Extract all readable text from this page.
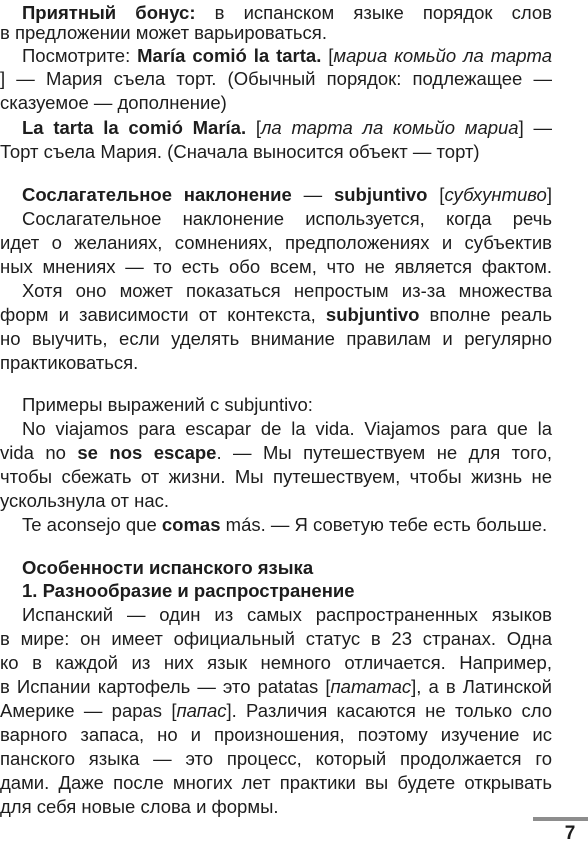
Приятный бонус: в испанском языке порядок слов
в предложении может варьироваться.
Посмотрите: María comió la tarta. [мариа комьйо ла тарта
] — Мария съела торт. (Обычный порядок: подлежащее —
сказуемое — дополнение)
La tarta la comió María. [ла тарта ла комьйо мариа] —
Торт съела Мария. (Сначала выносится объект — торт)
Сослагательное наклонение — subjuntivo [субхунтиво]
Сослагательное наклонение используется, когда речь
идет о желаниях, сомнениях, предположениях и субъектив
ных мнениях — то есть обо всем, что не является фактом.
Хотя оно может показаться непростым из-за множества
форм и зависимости от контекста, subjuntivo вполне реаль
но выучить, если уделять внимание правилам и регулярно
практиковаться.
Примеры выражений с subjuntivo:
No viajamos para escapar de la vida. Viajamos para que la
vida no se nos escape. — Мы путешествуем не для того,
чтобы сбежать от жизни. Мы путешествуем, чтобы жизнь не
ускользнула от нас.
Te aconsejo que comas más. — Я советую тебе есть больше.
Особенности испанского языка
1. Разнообразие и распространение
Испанский — один из самых распространенных языков
в мире: он имеет официальный статус в 23 странах. Одна
ко в каждой из них язык немного отличается. Например,
в Испании картофель — это patatas [пататас], а в Латинской
Америке — papas [папас]. Различия касаются не только сло
варного запаса, но и произношения, поэтому изучение ис
панского языка — это процесс, который продолжается го
дами. Даже после многих лет практики вы будете открывать
для себя новые слова и формы.
7
